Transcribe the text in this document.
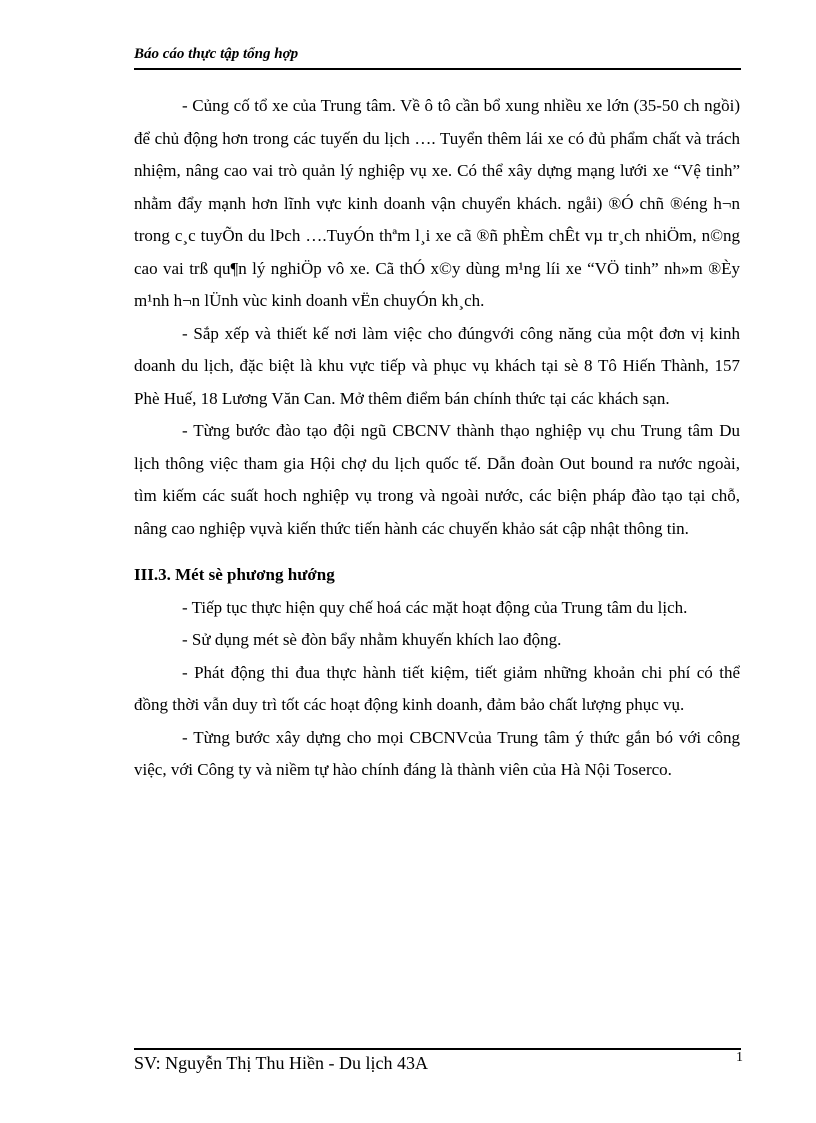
Báo cáo thực tập tổng hợp

- Củng cố tổ xe của Trung tâm. Về ô tô cần bổ xung nhiều xe lớn (35-50 ch ngồi) để chủ động hơn trong các tuyến du lịch …. Tuyển thêm lái xe có đủ phẩm chất và trách nhiệm, nâng cao vai trò quản lý nghiệp vụ xe. Có thể xây dựng mạng lưới xe “Vệ tinh” nhằm đẩy mạnh hơn lĩnh vực kinh doanh vận chuyển khách. ngåi) ®Ó chñ ®éng h¬n trong c¸c tuyÕn du lÞch ….TuyÓn thªm l¸i xe cã ®ñ phÈm chÊt vµ tr¸ch nhiÖm, n©ng cao vai trß qu¶n lý nghiÖp vô xe. Cã thÓ x©y dùng m¹ng líi xe “VÖ tinh” nh»m ®Èy m¹nh h¬n lÜnh vùc kinh doanh vËn chuyÓn kh¸ch.

- Sắp xếp và thiết kế nơi làm việc cho đúngvới công năng của một đơn vị kinh doanh du lịch, đặc biệt là khu vực tiếp và phục vụ khách tại sè 8 Tô Hiến Thành, 157 Phè Huế, 18 Lương Văn Can. Mở thêm điểm bán chính thức tại các khách sạn.

- Từng bước đào tạo đội ngũ CBCNV thành thạo nghiệp vụ chu Trung tâm Du lịch thông việc tham gia Hội chợ du lịch quốc tế. Dẫn đoàn Out bound ra nước ngoài, tìm kiếm các suất hoch nghiệp vụ trong và ngoài nước, các biện pháp đào tạo tại chỗ, nâng cao nghiệp vụvà kiến thức tiến hành các chuyến khảo sát cập nhật thông tin.

III.3. Mét sè phương hướng

- Tiếp tục thực hiện quy chế hoá các mặt hoạt động của Trung tâm du lịch.

- Sử dụng mét sè đòn bẩy nhằm khuyến khích lao động.

- Phát động thi đua thực hành tiết kiệm, tiết giảm những khoản chi phí có thể đồng thời vẫn duy trì tốt các hoạt động kinh doanh, đảm bảo chất lượng phục vụ.

- Từng bước xây dựng cho mọi CBCNVcủa Trung tâm ý thức gắn bó với công việc, với Công ty và niềm tự hào chính đáng là thành viên của Hà Nội Toserco.

SV: Nguyễn Thị Thu Hiền - Du lịch 43A	1
